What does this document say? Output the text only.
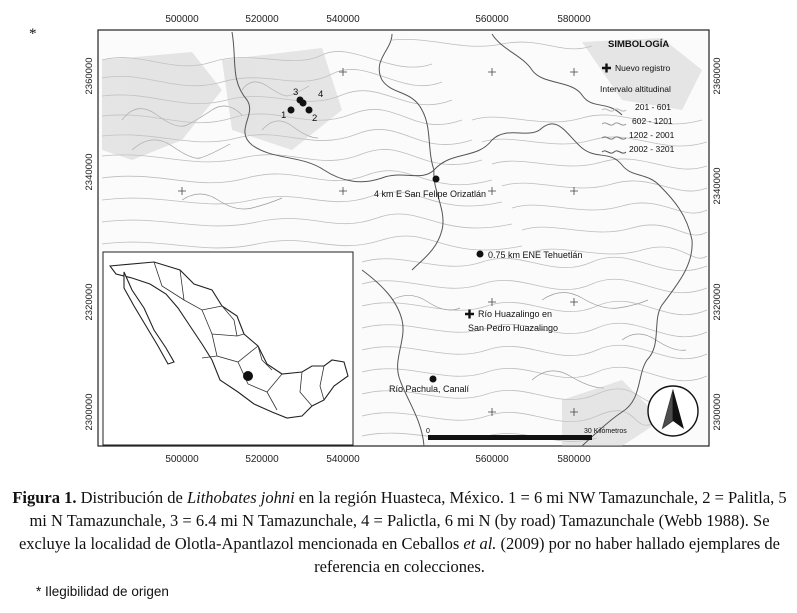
*
500000	520000	540000	560000	580000
500000	520000	540000	560000	580000
2360000
2340000
2320000
2300000
2360000
2340000
2320000
2300000
1	2
3 4
4 km E San Felipe Orizatlán
0.75 km ENE Tehuetlán
Río Huazalingo en
San Pedro Huazalingo
Río Pachula, Canalí
SIMBOLOGÍA
Nuevo registro
Intervalo altitudinal
201 - 601
602 - 1201
1202 - 2001
2002 - 3201
0	30 Kilómetros
Figura 1. Distribución de Lithobates johni en la región Huasteca, México. 1 = 6 mi NW Tamazunchale, 2 = Palitla, 5 mi N Tamazunchale, 3 = 6.4 mi N Tamazunchale, 4 = Palictla, 6 mi N (by road) Tamazunchale (Webb 1988). Se excluye la localidad de Olotla-Apantlazol mencionada en Ceballos et al. (2009) por no haber hallado ejemplares de referencia en colecciones.
* Ilegibilidad de origen
